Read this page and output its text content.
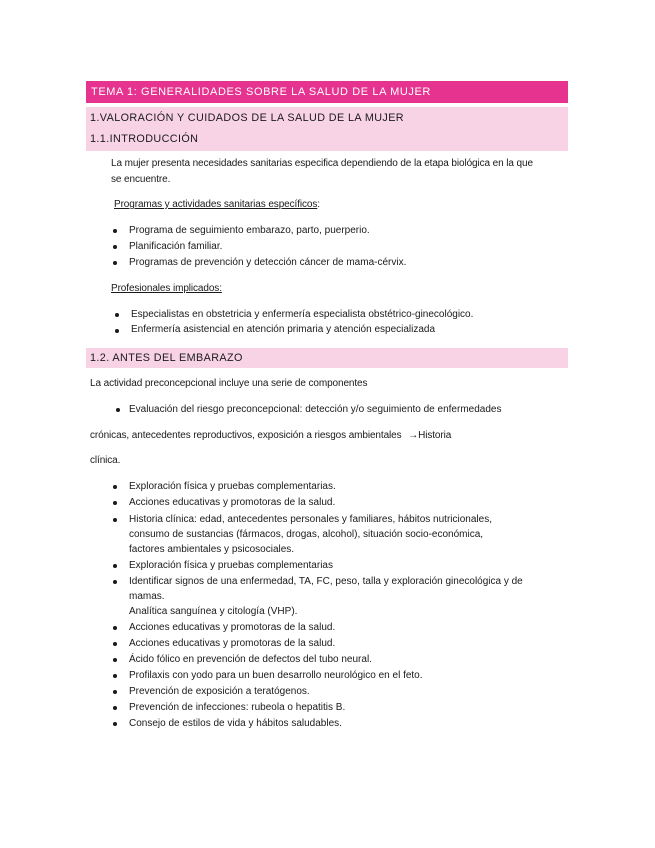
TEMA 1: GENERALIDADES SOBRE LA SALUD DE LA MUJER
1.VALORACIÓN Y CUIDADOS DE LA SALUD DE LA MUJER
1.1.INTRODUCCIÓN
La mujer presenta necesidades sanitarias especifica dependiendo de la etapa biológica en la que
se encuentre.
Programas y actividades sanitarias específicos:
Programa de seguimiento embarazo, parto, puerperio.
Planificación familiar.
Programas de prevención y detección cáncer de mama-cérvix.
Profesionales implicados:
Especialistas en obstetricia y enfermería especialista obstétrico-ginecológico.
Enfermería asistencial en atención primaria y atención especializada
1.2. ANTES DEL EMBARAZO
La actividad preconcepcional incluye una serie de componentes
Evaluación del riesgo preconcepcional: detección y/o seguimiento de enfermedades
crónicas, antecedentes reproductivos, exposición a riesgos ambientales →Historia
clínica.
Exploración física y pruebas complementarias.
Acciones educativas y promotoras de la salud.
Historia clínica: edad, antecedentes personales y familiares, hábitos nutricionales,
consumo de sustancias (fármacos, drogas, alcohol), situación socio-económica,
factores ambientales y psicosociales.
Exploración física y pruebas complementarias
Identificar signos de una enfermedad, TA, FC, peso, talla y exploración ginecológica y de
mamas.
Analítica sanguínea y citología (VHP).
Acciones educativas y promotoras de la salud.
Acciones educativas y promotoras de la salud.
Ácido fólico en prevención de defectos del tubo neural.
Profilaxis con yodo para un buen desarrollo neurológico en el feto.
Prevención de exposición a teratógenos.
Prevención de infecciones: rubeola o hepatitis B.
Consejo de estilos de vida y hábitos saludables.
